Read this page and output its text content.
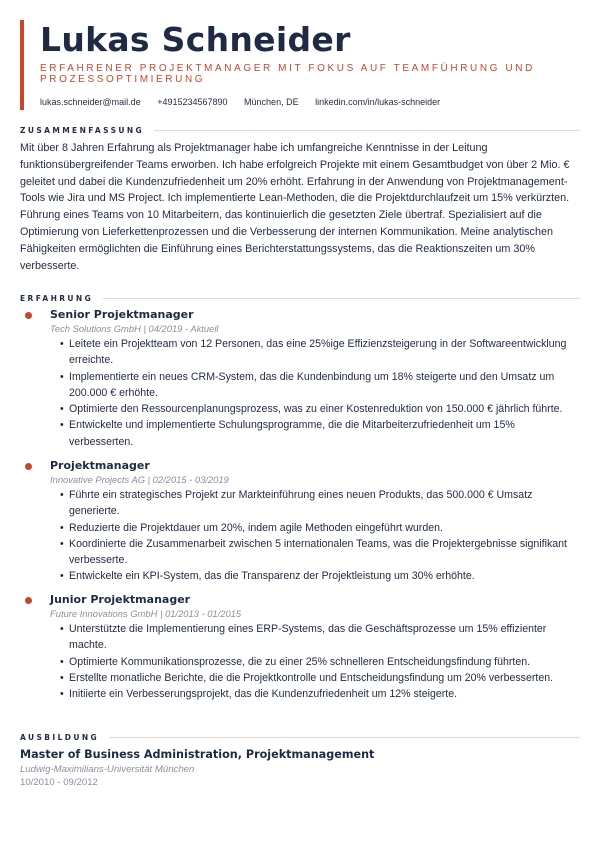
Lukas Schneider
ERFAHRENER PROJEKTMANAGER MIT FOKUS AUF TEAMFÜHRUNG UND PROZESSOPTIMIERUNG
lukas.schneider@mail.de +4915234567890 München, DE linkedin.com/in/lukas-schneider
ZUSAMMENFASSUNG

Mit über 8 Jahren Erfahrung als Projektmanager habe ich umfangreiche Kenntnisse in der Leitung funktionsübergreifender Teams erworben. Ich habe erfolgreich Projekte mit einem Gesamtbudget von über 2 Mio. € geleitet und dabei die Kundenzufriedenheit um 20% erhöht. Erfahrung in der Anwendung von Projektmanagement-Tools wie Jira und MS Project. Ich implementierte Lean-Methoden, die die Projektdurchlaufzeit um 15% verkürzten. Führung eines Teams von 10 Mitarbeitern, das kontinuierlich die gesetzten Ziele übertraf. Spezialisiert auf die Optimierung von Lieferkettenprozessen und die Verbesserung der internen Kommunikation. Meine analytischen Fähigkeiten ermöglichten die Einführung eines Berichterstattungssystems, das die Reaktionszeiten um 30% verbesserte.

ERFAHRUNG
Senior Projektmanager
Tech Solutions GmbH | 04/2019 - Aktuell
• Leitete ein Projektteam von 12 Personen, das eine 25%ige Effizienzsteigerung in der Softwareentwicklung erreichte.
• Implementierte ein neues CRM-System, das die Kundenbindung um 18% steigerte und den Umsatz um 200.000 € erhöhte.
• Optimierte den Ressourcenplanungsprozess, was zu einer Kostenreduktion von 150.000 € jährlich führte.
• Entwickelte und implementierte Schulungsprogramme, die die Mitarbeiterzufriedenheit um 15% verbesserten.
Projektmanager
Innovative Projects AG | 02/2015 - 03/2019
• Führte ein strategisches Projekt zur Markteinführung eines neuen Produkts, das 500.000 € Umsatz generierte.
• Reduzierte die Projektdauer um 20%, indem agile Methoden eingeführt wurden.
• Koordinierte die Zusammenarbeit zwischen 5 internationalen Teams, was die Projektergebnisse signifikant verbesserte.
• Entwickelte ein KPI-System, das die Transparenz der Projektleistung um 30% erhöhte.
Junior Projektmanager
Future Innovations GmbH | 01/2013 - 01/2015
• Unterstützte die Implementierung eines ERP-Systems, das die Geschäftsprozesse um 15% effizienter machte.
• Optimierte Kommunikationsprozesse, die zu einer 25% schnelleren Entscheidungsfindung führten.
• Erstellte monatliche Berichte, die die Projektkontrolle und Entscheidungsfindung um 20% verbesserten.
• Initiierte ein Verbesserungsprojekt, das die Kundenzufriedenheit um 12% steigerte.
AUSBILDUNG
Master of Business Administration, Projektmanagement
Ludwig-Maximilians-Universität München
10/2010 - 09/2012
